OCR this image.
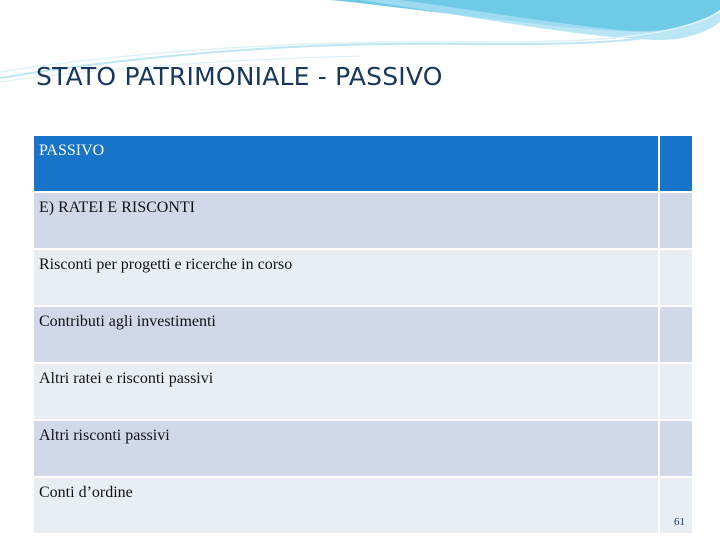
STATO PATRIMONIALE - PASSIVO
PASSIVO	
E) RATEI E RISCONTI	
Risconti per progetti e ricerche in corso	
Contributi agli investimenti	
Altri ratei e risconti passivi	
Altri risconti passivi	
Conti d’ordine	
61
